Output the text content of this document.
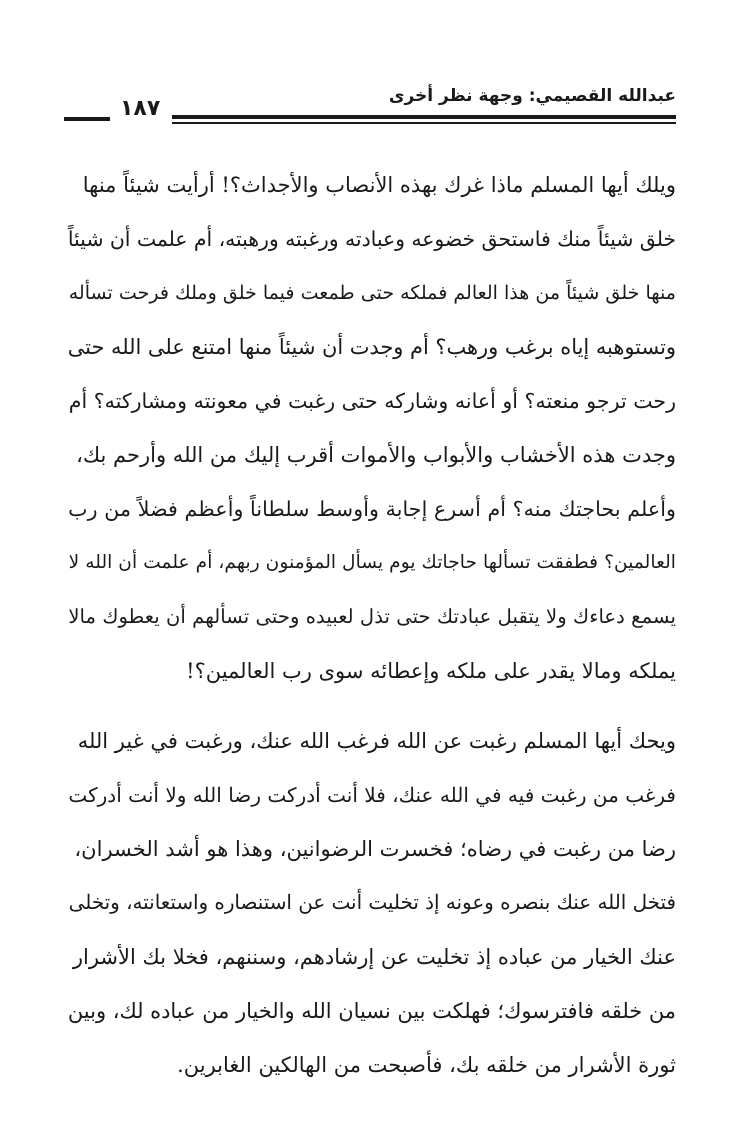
عبدالله القصيمي: وجهة نظر أخرى
١٨٧
ويلك أيها المسلم ماذا غرك بهذه الأنصاب والأجداث؟! أرأيت شيئاً منها
خلق شيئاً منك فاستحق خضوعه وعبادته ورغبته ورهبته، أم علمت أن شيئاً
منها خلق شيئاً من هذا العالم فملكه حتى طمعت فيما خلق وملك فرحت تسأله
وتستوهبه إياه برغب ورهب؟ أم وجدت أن شيئاً منها امتنع على الله حتى
رحت ترجو منعته؟ أو أعانه وشاركه حتى رغبت في معونته ومشاركته؟ أم
وجدت هذه الأخشاب والأبواب والأموات أقرب إليك من الله وأرحم بك،
وأعلم بحاجتك منه؟ أم أسرع إجابة وأوسط سلطاناً وأعظم فضلاً من رب
العالمين؟ فطفقت تسألها حاجاتك يوم يسأل المؤمنون ربهم، أم علمت أن الله لا
يسمع دعاءك ولا يتقبل عبادتك حتى تذل لعبيده وحتى تسألهم أن يعطوك مالا
يملكه ومالا يقدر على ملكه وإعطائه سوى رب العالمين؟!
ويحك أيها المسلم رغبت عن الله فرغب الله عنك، ورغبت في غير الله
فرغب من رغبت فيه في الله عنك، فلا أنت أدركت رضا الله ولا أنت أدركت
رضا من رغبت في رضاه؛ فخسرت الرضوانين، وهذا هو أشد الخسران،
فتخل الله عنك بنصره وعونه إذ تخليت أنت عن استنصاره واستعانته، وتخلى
عنك الخيار من عباده إذ تخليت عن إرشادهم، وسننهم، فخلا بك الأشرار
من خلقه فافترسوك؛ فهلكت بين نسيان الله والخيار من عباده لك، وبين
ثورة الأشرار من خلقه بك، فأصبحت من الهالكين الغابرين.
